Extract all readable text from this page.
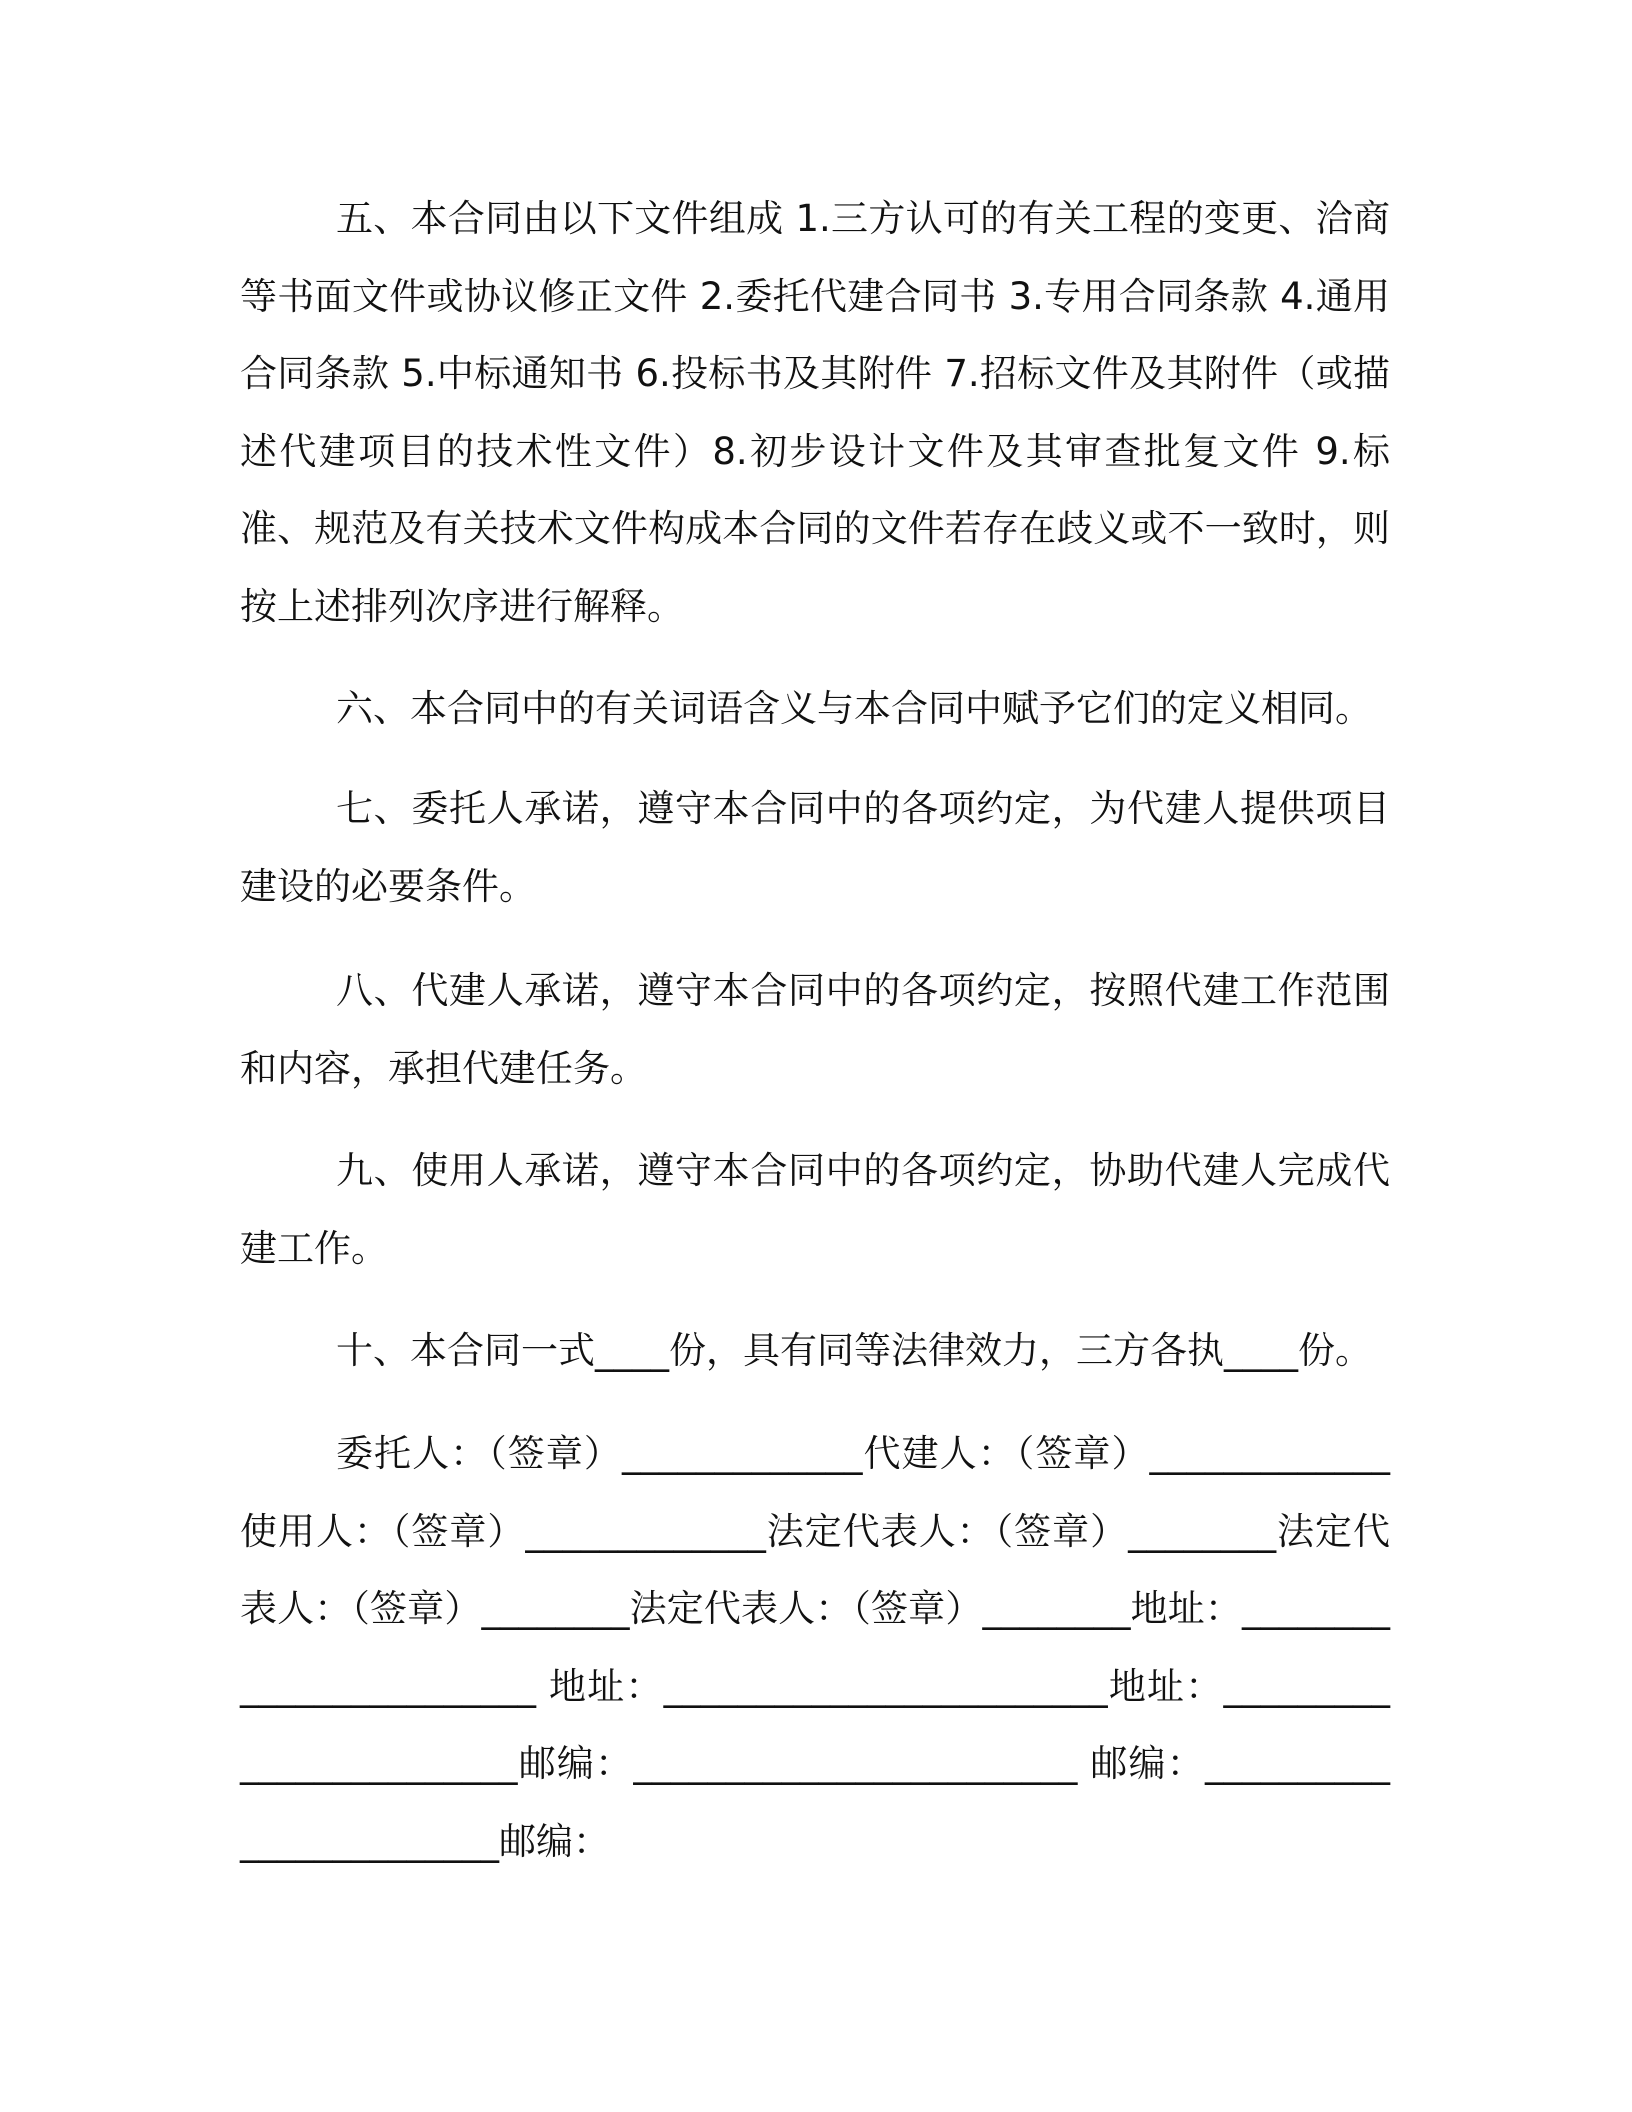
五、本合同由以下文件组成 1.三方认可的有关工程的变更、洽商等书面文件或协议修正文件 2.委托代建合同书 3.专用合同条款 4.通用合同条款 5.中标通知书 6.投标书及其附件 7.招标文件及其附件（或描述代建项目的技术性文件）8.初步设计文件及其审查批复文件 9.标准、规范及有关技术文件构成本合同的文件若存在歧义或不一致时，则按上述排列次序进行解释。

六、本合同中的有关词语含义与本合同中赋予它们的定义相同。

七、委托人承诺，遵守本合同中的各项约定，为代建人提供项目建设的必要条件。

八、代建人承诺，遵守本合同中的各项约定，按照代建工作范围和内容，承担代建任务。

九、使用人承诺，遵守本合同中的各项约定，协助代建人完成代建工作。

十、本合同一式____份，具有同等法律效力，三方各执____份。

委托人：（签章）_____________代建人：（签章）_____________使用人：（签章）_____________法定代表人：（签章）________法定代表人：（签章）________法定代表人：（签章）________地址：________________________ 地址：________________________地址：________________________邮编：________________________ 邮编：________________________邮编：
